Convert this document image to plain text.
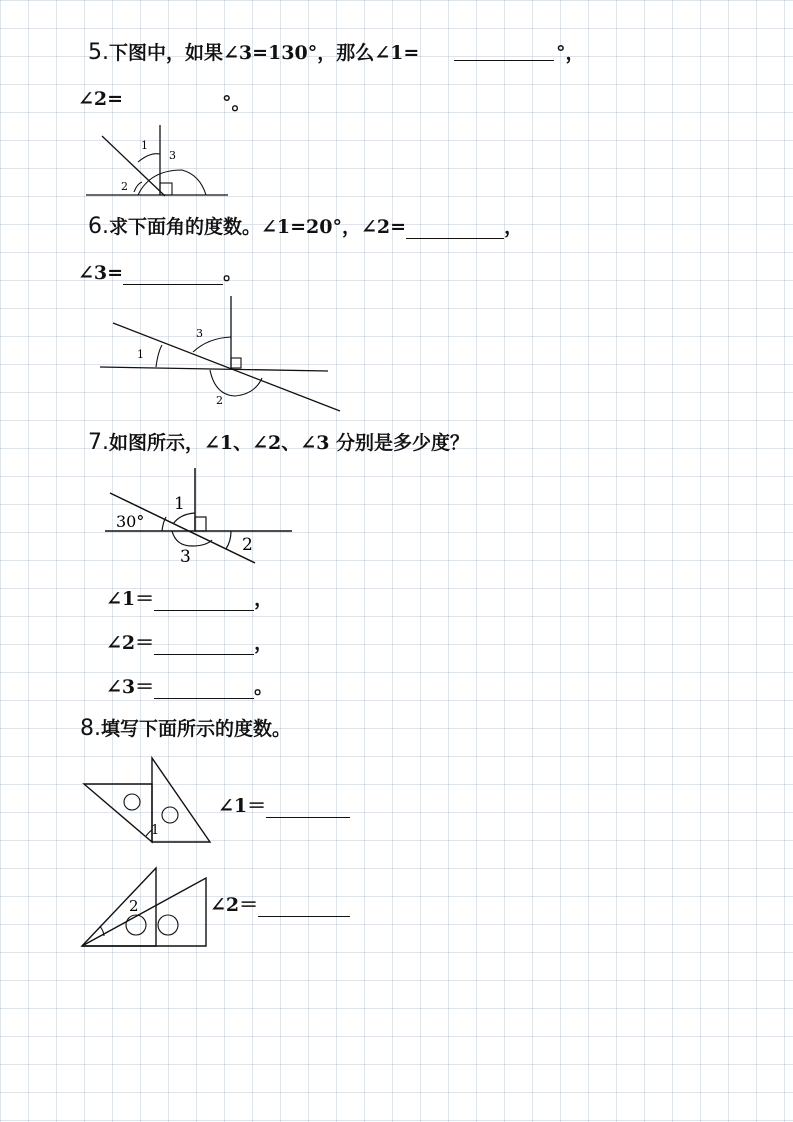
5.下图中，如果∠3=130°，那么∠1=	°，
∠2=	°。
1
3
2
6.求下面角的度数。∠1=20°，∠2=	，
∠3=	。
1
3
2
7.如图所示，∠1、∠2、∠3 分别是多少度？
30°
1
3
2
∠1＝	，
∠2＝	，
∠3＝	。
8.填写下面所示的度数。
1
∠1＝
2	∠2＝
